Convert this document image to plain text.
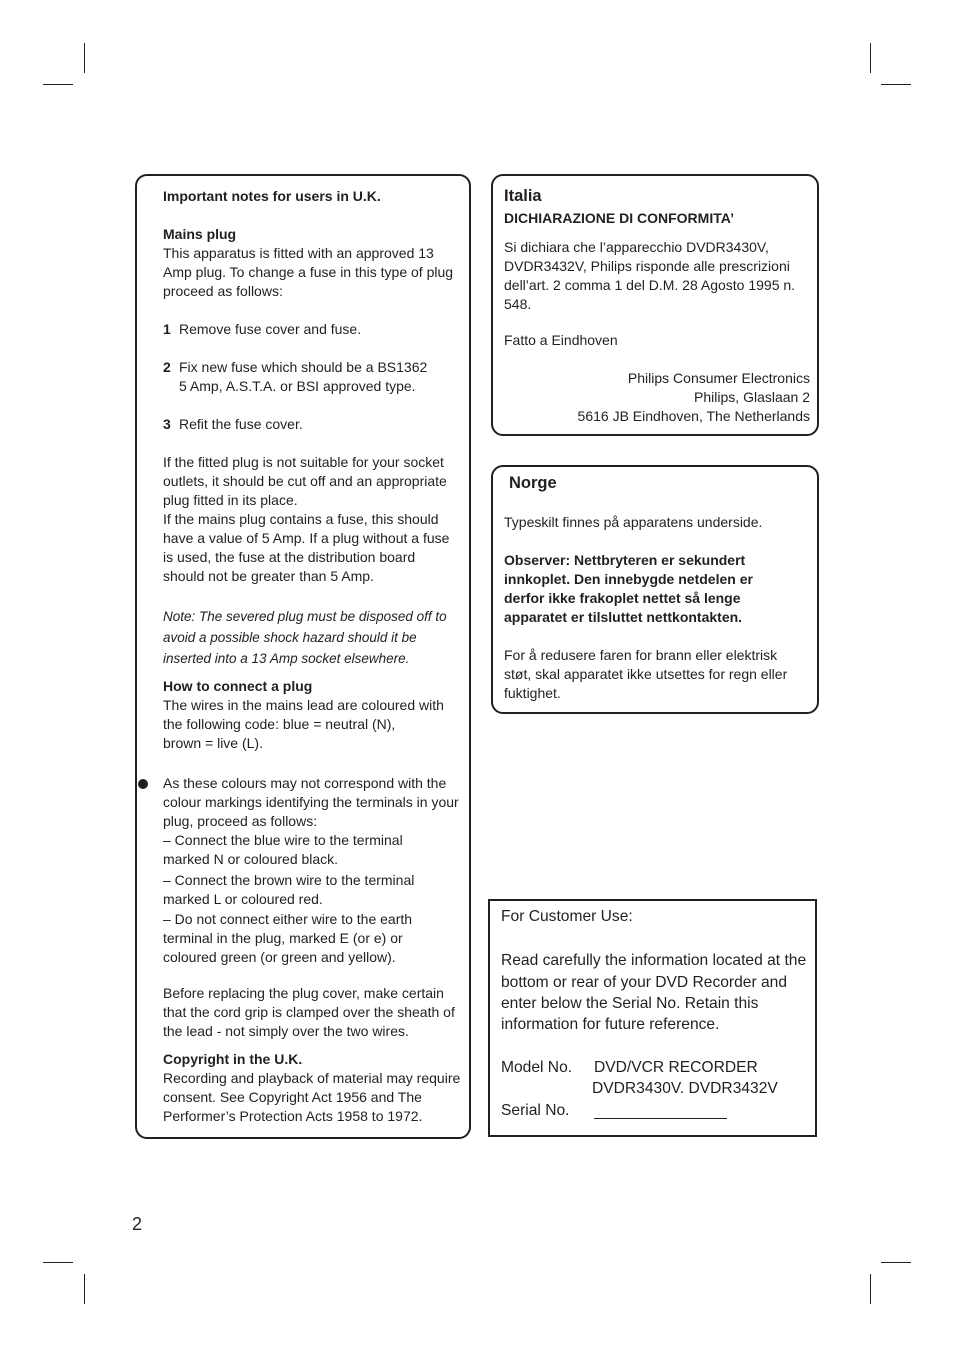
Important notes for users in U.K.
Mains plug
This apparatus is fitted with an approved 13
Amp plug. To change a fuse in this type of plug
proceed as follows:
1 Remove fuse cover and fuse.
2 Fix new fuse which should be a BS1362
5 Amp, A.S.T.A. or BSI approved type.
3 Refit the fuse cover.
If the fitted plug is not suitable for your socket
outlets, it should be cut off and an appropriate
plug fitted in its place.
If the mains plug contains a fuse, this should
have a value of 5 Amp. If a plug without a fuse
is used, the fuse at the distribution board
should not be greater than 5 Amp.
Note: The severed plug must be disposed off to
avoid a possible shock hazard should it be
inserted into a 13 Amp socket elsewhere.
How to connect a plug
The wires in the mains lead are coloured with
the following code: blue = neutral (N),
brown = live (L).
As these colours may not correspond with the
colour markings identifying the terminals in your
plug, proceed as follows:
– Connect the blue wire to the terminal
marked N or coloured black.
– Connect the brown wire to the terminal
marked L or coloured red.
– Do not connect either wire to the earth
terminal in the plug, marked E (or e) or
coloured green (or green and yellow).
Before replacing the plug cover, make certain
that the cord grip is clamped over the sheath of
the lead - not simply over the two wires.
Copyright in the U.K.
Recording and playback of material may require
consent. See Copyright Act 1956 and The
Performer’s Protection Acts 1958 to 1972.
Italia
DICHIARAZIONE DI CONFORMITA’
Si dichiara che l’apparecchio DVDR3430V,
DVDR3432V, Philips risponde alle prescrizioni
dell’art. 2 comma 1 del D.M. 28 Agosto 1995 n.
548.
Fatto a Eindhoven
Philips Consumer Electronics
Philips, Glaslaan 2
5616 JB Eindhoven, The Netherlands
Norge
Typeskilt finnes på apparatens underside.
Observer: Nettbryteren er sekundert
innkoplet. Den innebygde netdelen er
derfor ikke frakoplet nettet så lenge
apparatet er tilsluttet nettkontakten.
For å redusere faren for brann eller elektrisk
støt, skal apparatet ikke utsettes for regn eller
fuktighet.
For Customer Use:
Read carefully the information located at the
bottom or rear of your DVD Recorder and
enter below the Serial No. Retain this
information for future reference.
Model No. DVD/VCR RECORDER
DVDR3430V. DVDR3432V
Serial No.
2
